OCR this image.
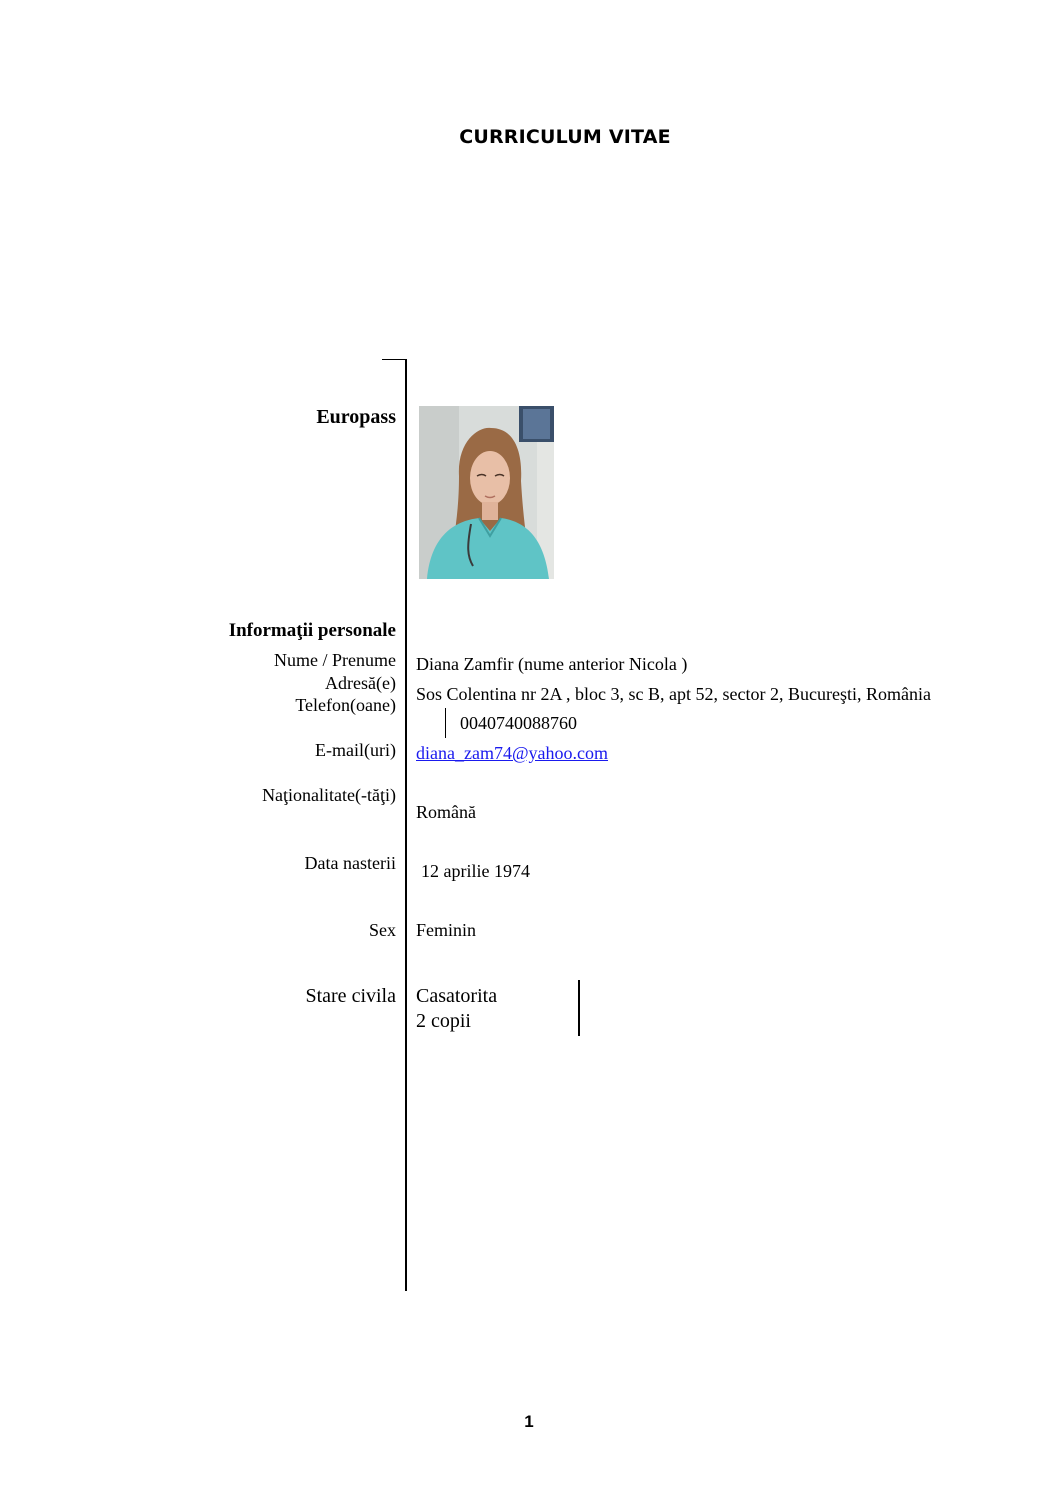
CURRICULUM VITAE
Europass
Informaţii personale
Nume / Prenume Diana Zamfir (nume anterior Nicola )
Adresă(e)
Sos Colentina nr 2A , bloc 3, sc B, apt 52, sector 2, Bucureşti, România
Telefon(oane)
0040740088760
E-mail(uri) diana_zam74@yahoo.com
Naţionalitate(-tăţi)
Română
Data nasterii 12 aprilie 1974
Sex Feminin
Stare civila Casatorita
2 copii
1
